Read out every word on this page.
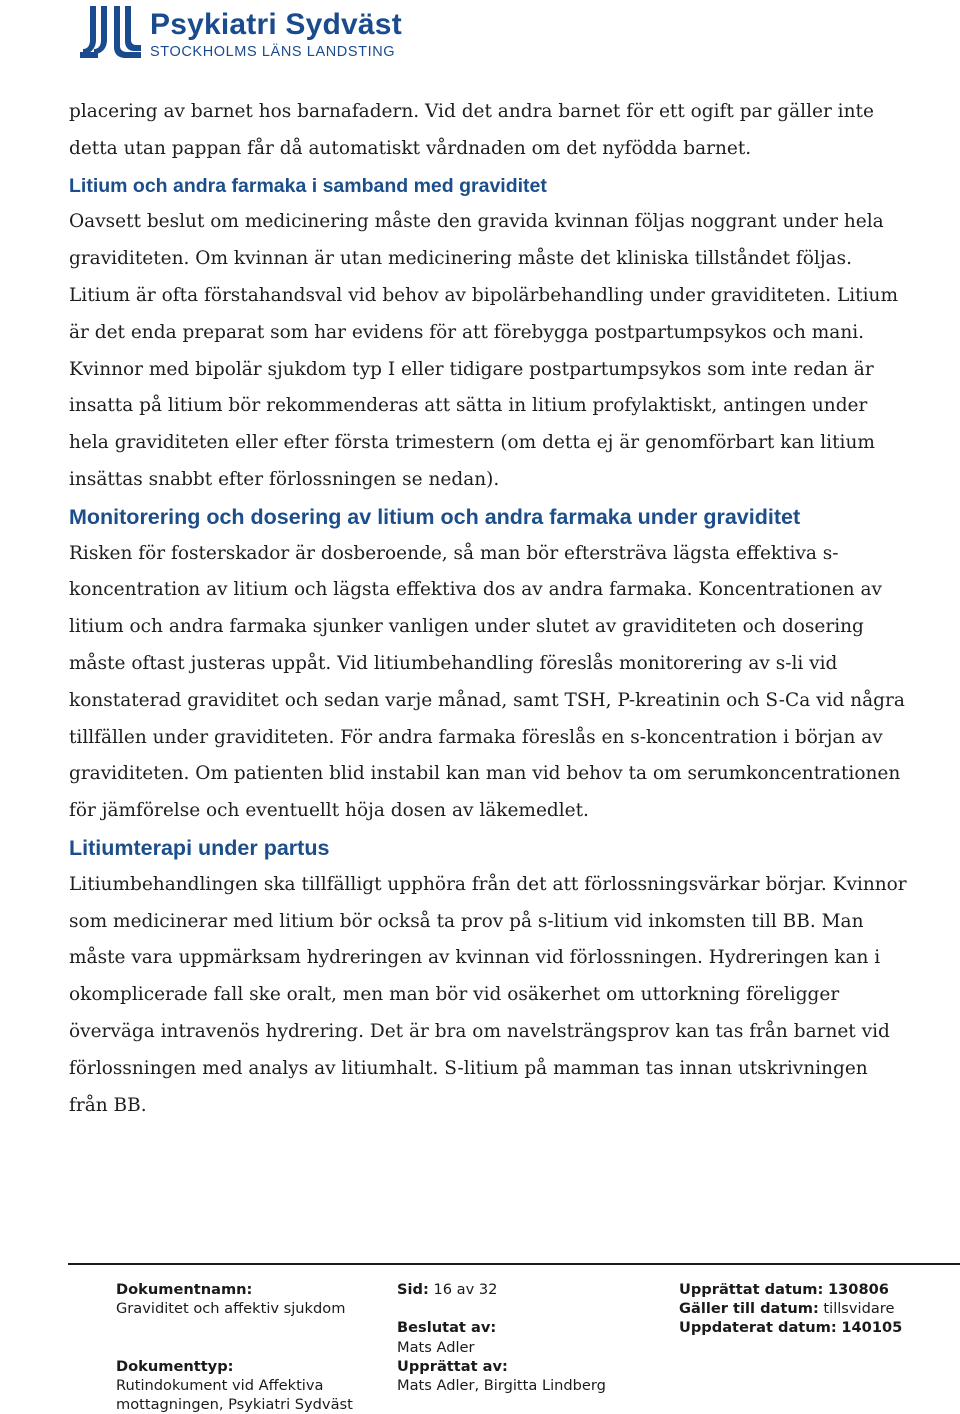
Psykiatri Sydväst
STOCKHOLMS LÄNS LANDSTING

placering av barnet hos barnafadern. Vid det andra barnet för ett ogift par gäller inte detta utan pappan får då automatiskt vårdnaden om det nyfödda barnet.

Litium och andra farmaka i samband med graviditet

Oavsett beslut om medicinering måste den gravida kvinnan följas noggrant under hela graviditeten. Om kvinnan är utan medicinering måste det kliniska tillståndet följas. Litium är ofta förstahandsval vid behov av bipolärbehandling under graviditeten. Litium är det enda preparat som har evidens för att förebygga postpartumpsykos och mani. Kvinnor med bipolär sjukdom typ I eller tidigare postpartumpsykos som inte redan är insatta på litium bör rekommenderas att sätta in litium profylaktiskt, antingen under hela graviditeten eller efter första trimestern (om detta ej är genomförbart kan litium insättas snabbt efter förlossningen se nedan).

Monitorering och dosering av litium och andra farmaka under graviditet

Risken för fosterskador är dosberoende, så man bör eftersträva lägsta effektiva s-koncentration av litium och lägsta effektiva dos av andra farmaka. Koncentrationen av litium och andra farmaka sjunker vanligen under slutet av graviditeten och dosering måste oftast justeras uppåt. Vid litiumbehandling föreslås monitorering av s-li vid konstaterad graviditet och sedan varje månad, samt TSH, P-kreatinin och S-Ca vid några tillfällen under graviditeten. För andra farmaka föreslås en s-koncentration i början av graviditeten. Om patienten blid instabil kan man vid behov ta om serumkoncentrationen för jämförelse och eventuellt höja dosen av läkemedlet.

Litiumterapi under partus

Litiumbehandlingen ska tillfälligt upphöra från det att förlossningsvärkar börjar. Kvinnor som medicinerar med litium bör också ta prov på s-litium vid inkomsten till BB. Man måste vara uppmärksam hydreringen av kvinnan vid förlossningen. Hydreringen kan i okomplicerade fall ske oralt, men man bör vid osäkerhet om uttorkning föreligger överväga intravenös hydrering. Det är bra om navelsträngsprov kan tas från barnet vid förlossningen med analys av litiumhalt. S-litium på mamman tas innan utskrivningen från BB.

Dokumentnamn:
Graviditet och affektiv sjukdom
Dokumenttyp:
Rutindokument vid Affektiva
mottagningen, Psykiatri Sydväst
Sid: 16 av 32
Beslutat av:
Mats Adler
Upprättat av:
Mats Adler, Birgitta Lindberg
Upprättat datum: 130806
Gäller till datum: tillsvidare
Uppdaterat datum: 140105
